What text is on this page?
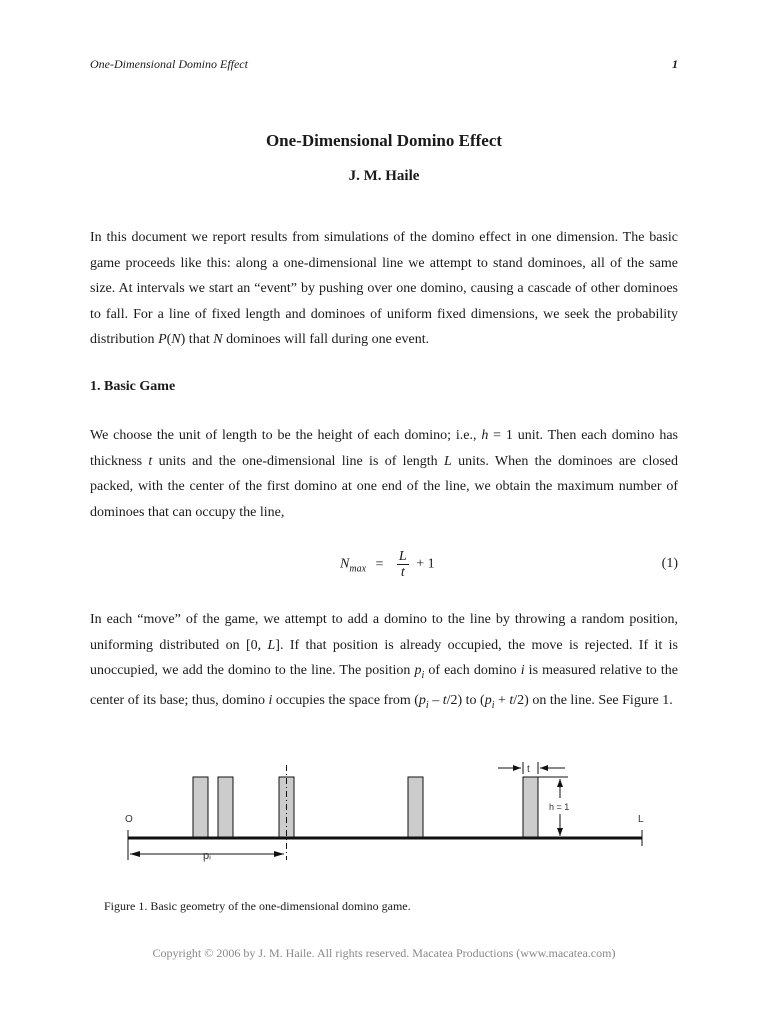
One-Dimensional Domino Effect	1
One-Dimensional Domino Effect
J. M. Haile
In this document we report results from simulations of the domino effect in one dimension. The basic game proceeds like this: along a one-dimensional line we attempt to stand dominoes, all of the same size. At intervals we start an “event” by pushing over one domino, causing a cascade of other dominoes to fall. For a line of fixed length and dominoes of uniform fixed dimensions, we seek the probability distribution P(N) that N dominoes will fall during one event.
1. Basic Game
We choose the unit of length to be the height of each domino; i.e., h = 1 unit. Then each domino has thickness t units and the one-dimensional line is of length L units. When the dominoes are closed packed, with the center of the first domino at one end of the line, we obtain the maximum number of dominoes that can occupy the line,
$N_{max} = \frac{L}{t} + 1$	(1)
In each “move” of the game, we attempt to add a domino to the line by throwing a random position, uniforming distributed on [0, L]. If that position is already occupied, the move is rejected. If it is unoccupied, we add the domino to the line. The position $p_i$ of each domino i is measured relative to the center of its base; thus, domino i occupies the space from $(p_i - t/2)$ to $(p_i + t/2)$ on the line. See Figure 1.
O	L
pᵢ
t
h = 1
Figure 1. Basic geometry of the one-dimensional domino game.
Copyright © 2006 by J. M. Haile. All rights reserved. Macatea Productions (www.macatea.com)
